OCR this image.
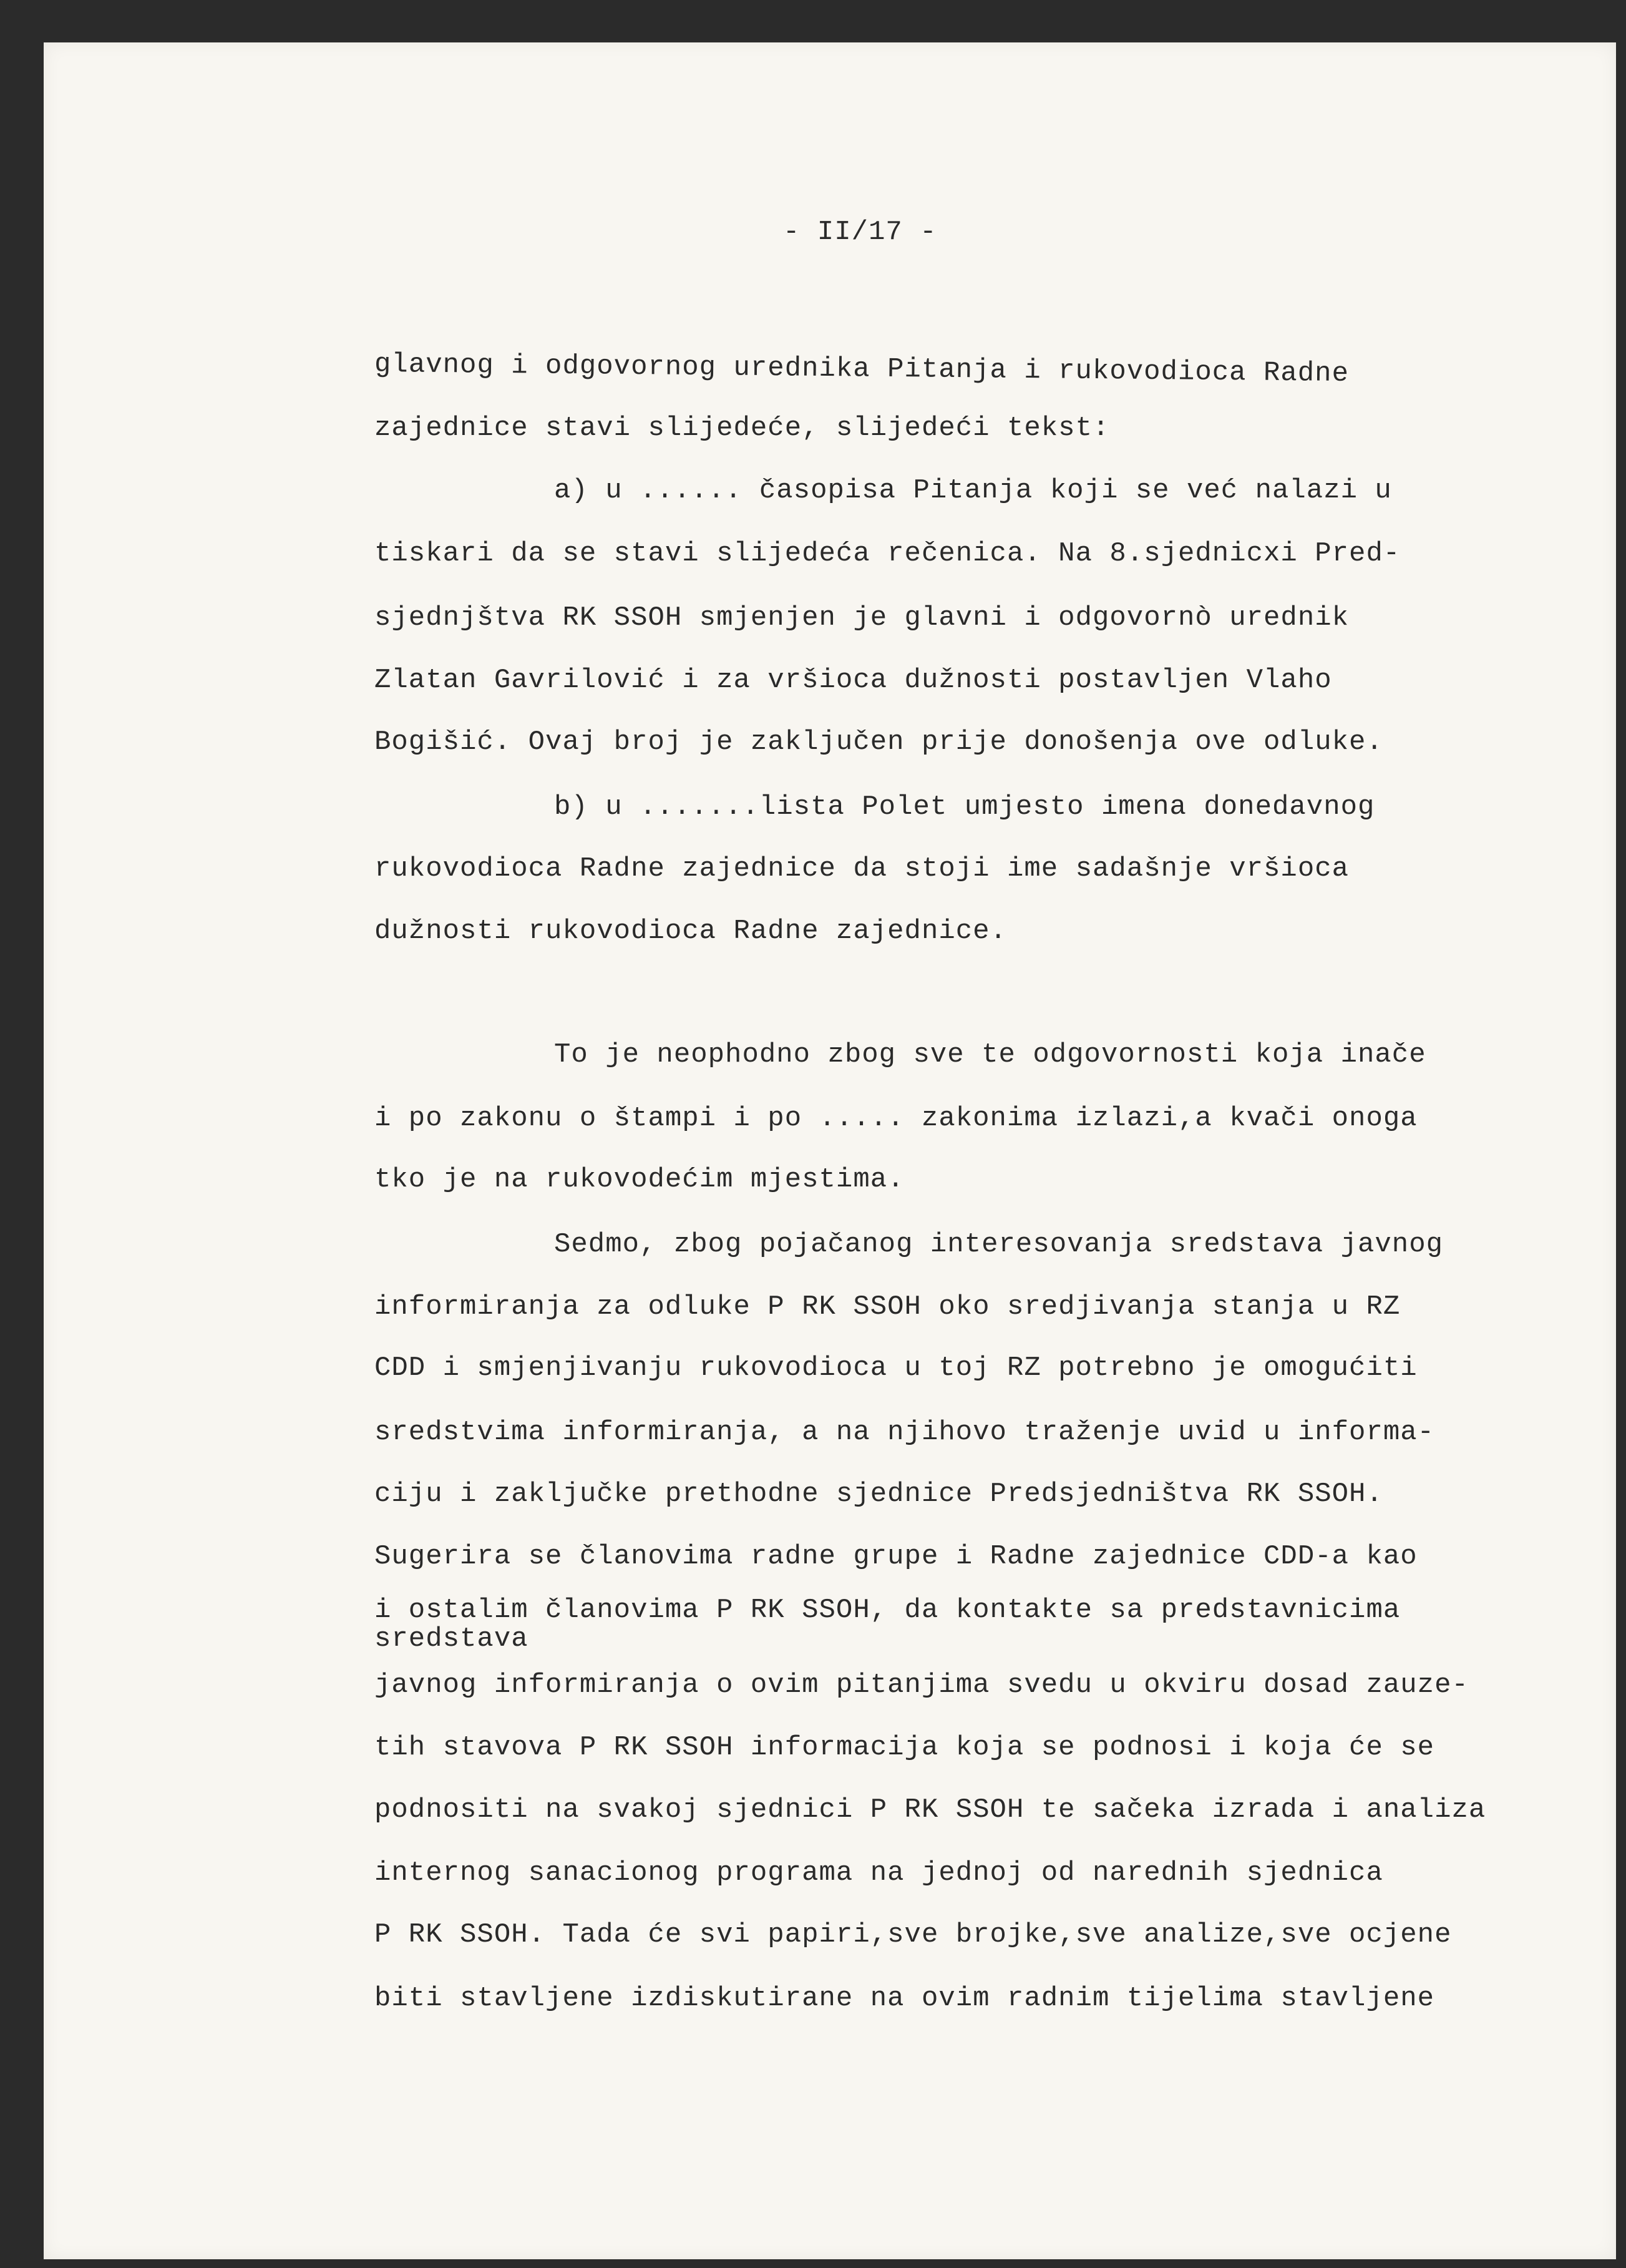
- II/17 -
glavnog i odgovornog urednika Pitanja i rukovodioca Radne
zajednice stavi slijedeće, slijedeći tekst:
a) u ...... časopisa Pitanja koji se već nalazi u
tiskari da se stavi slijedeća rečenica. Na 8.sjednicxi Pred-
sjednjštva RK SSOH smjenjen je glavni i odgovornò urednik
Zlatan Gavrilović i za vršioca dužnosti postavljen Vlaho
Bogišić. Ovaj broj je zaključen prije donošenja ove odluke.
b) u .......lista Polet umjesto imena donedavnog
rukovodioca Radne zajednice da stoji ime sadašnje vršioca
dužnosti rukovodioca Radne zajednice.
To je neophodno zbog sve te odgovornosti koja inače
i po zakonu o štampi i po ..... zakonima izlazi,a kvači onoga
tko je na rukovodećim mjestima.
Sedmo, zbog pojačanog interesovanja sredstava javnog
informiranja za odluke P RK SSOH oko sredjivanja stanja u RZ
CDD i smjenjivanju rukovodioca u toj RZ potrebno je omogućiti
sredstvima informiranja, a na njihovo traženje uvid u informa-
ciju i zaključke prethodne sjednice Predsjedništva RK SSOH.
Sugerira se članovima radne grupe i Radne zajednice CDD-a kao
i ostalim članovima P RK SSOH, da kontakte sa predstavnicima
sredstava
javnog informiranja o ovim pitanjima svedu u okviru dosad zauze-
tih stavova P RK SSOH informacija koja se podnosi i koja će se
podnositi na svakoj sjednici P RK SSOH te sačeka izrada i analiza
internog sanacionog programa na jednoj od narednih sjednica
P RK SSOH. Tada će svi papiri,sve brojke,sve analize,sve ocjene
biti stavljene izdiskutirane na ovim radnim tijelima stavljene
